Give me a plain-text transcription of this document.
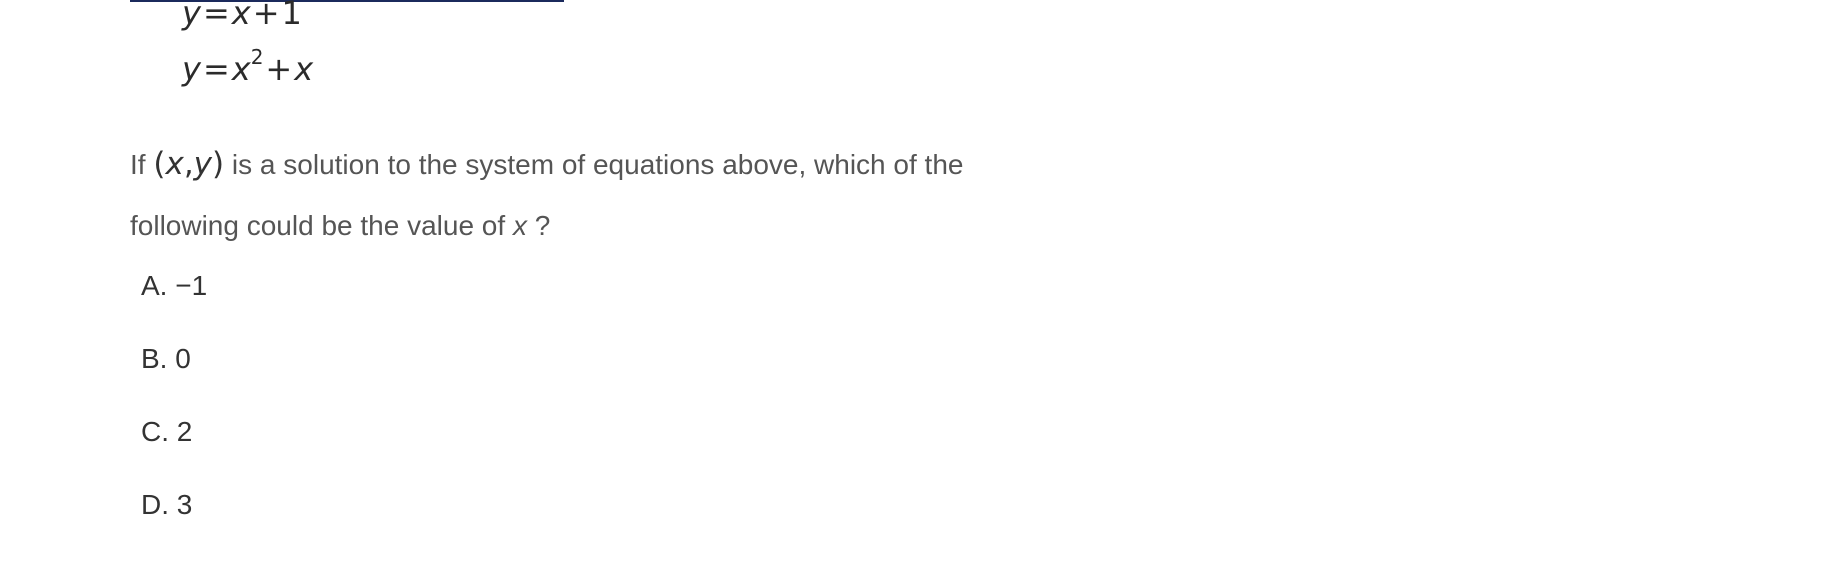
y=x+1
$y=x^2+x$
If (x,y) is a solution to the system of equations above, which of the
following could be the value of x ?
A. −1
B. 0
C. 2
D. 3
